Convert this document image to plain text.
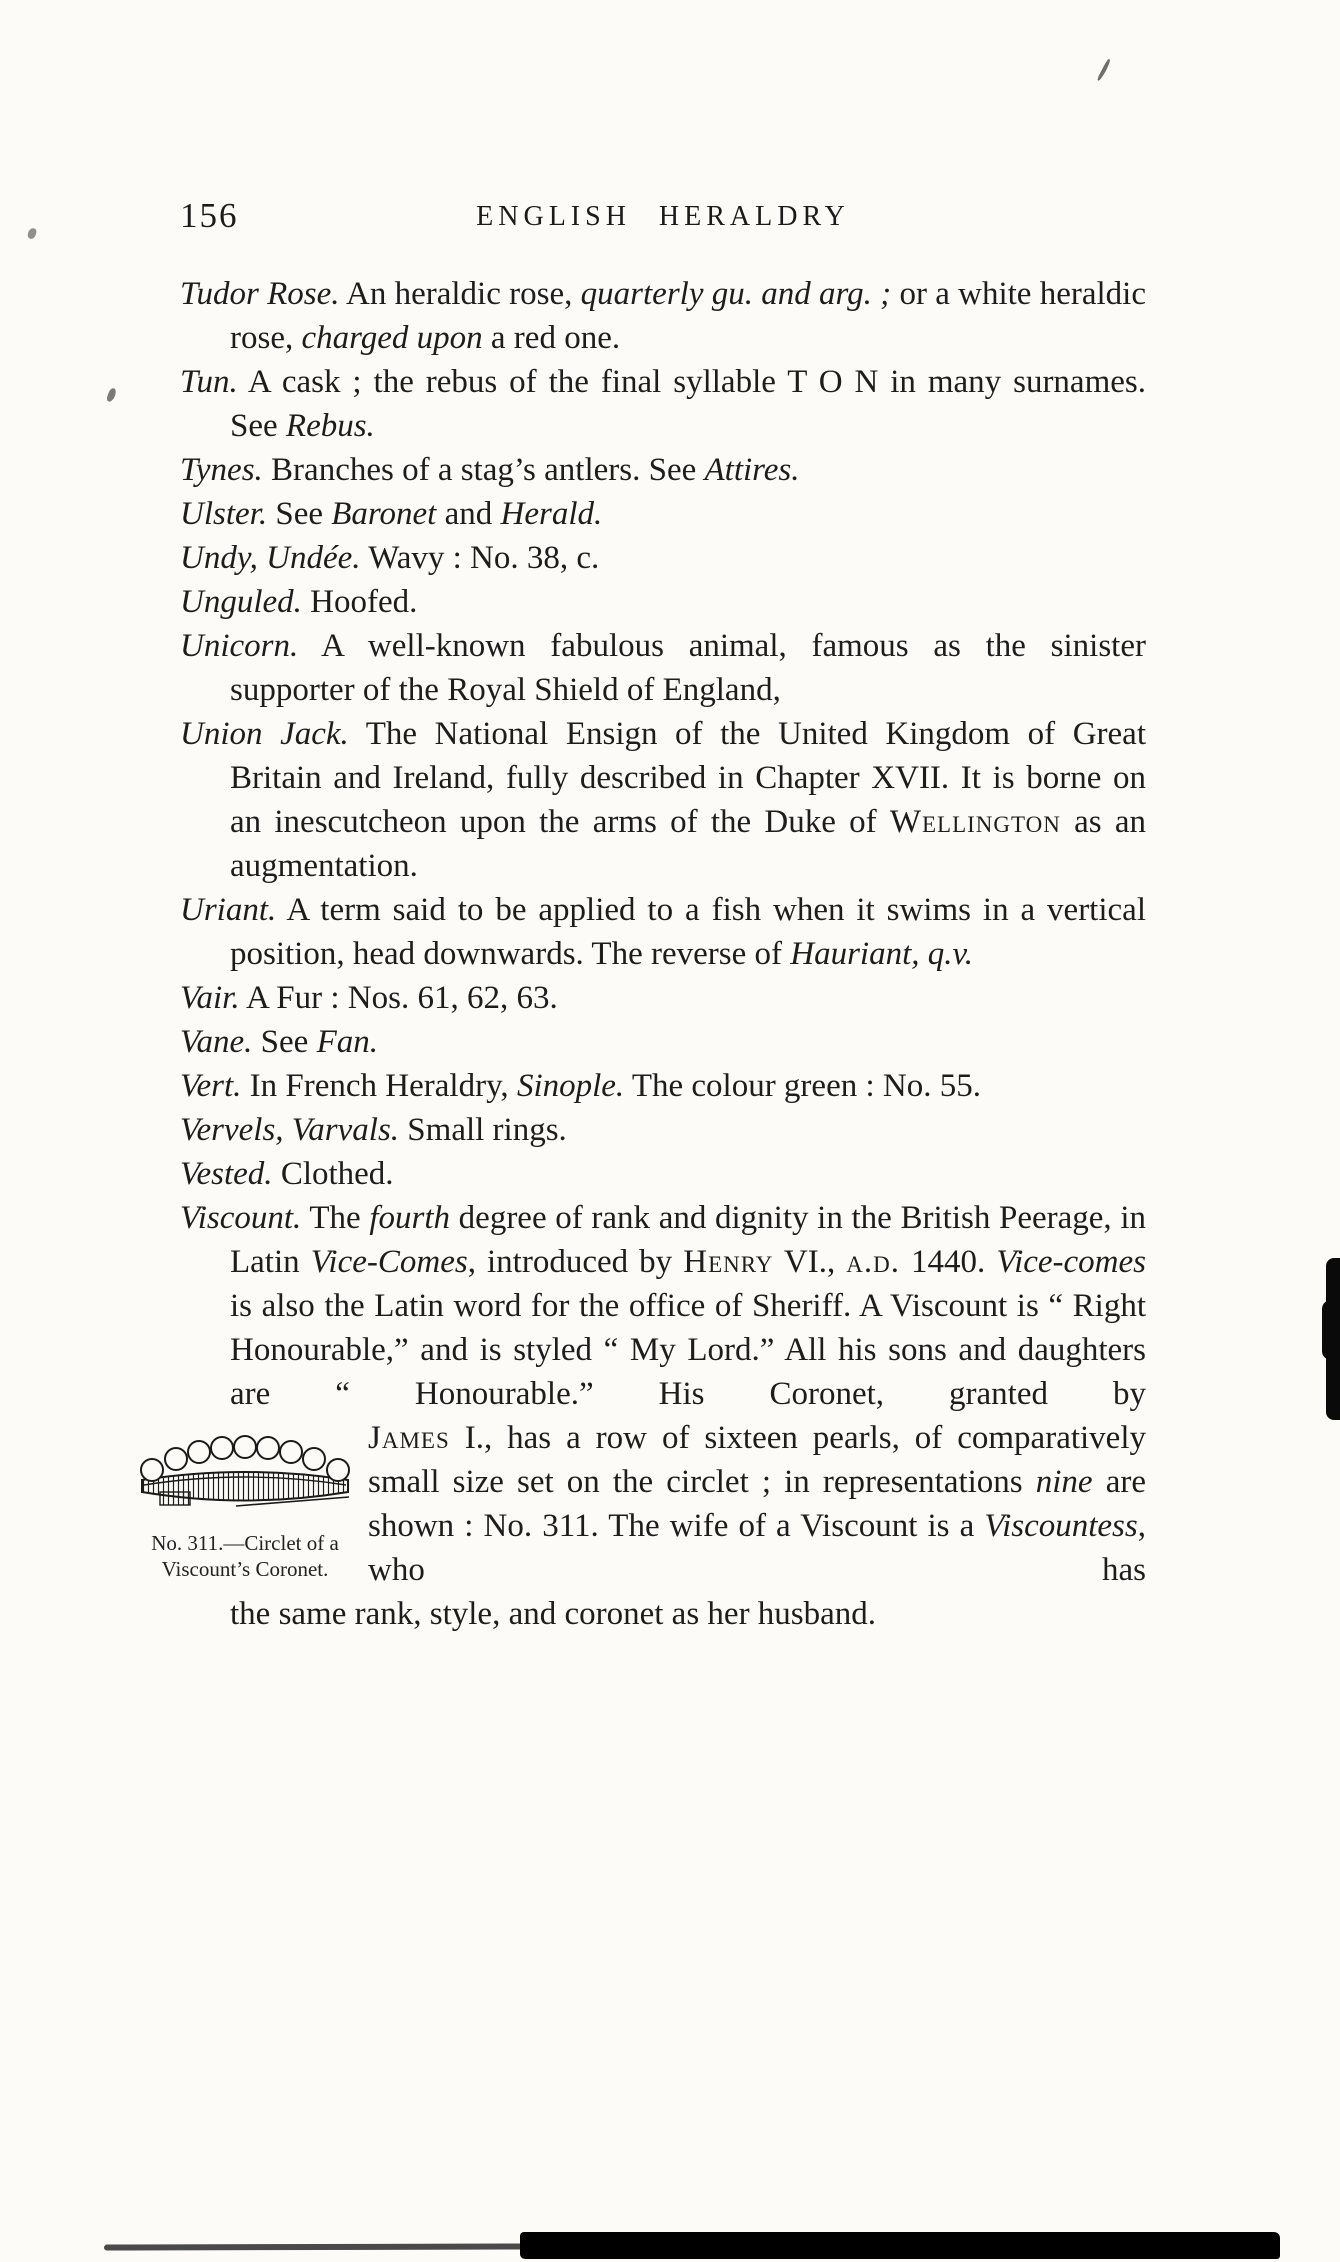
156	ENGLISH HERALDRY

Tudor Rose. An heraldic rose, quarterly gu. and arg. ; or a white heraldic rose, charged upon a red one.

Tun. A cask ; the rebus of the final syllable T O N in many surnames. See Rebus.

Tynes. Branches of a stag’s antlers. See Attires.

Ulster. See Baronet and Herald.

Undy, Undée. Wavy : No. 38, c.

Unguled. Hoofed.

Unicorn. A well-known fabulous animal, famous as the sinister supporter of the Royal Shield of England,

Union Jack. The National Ensign of the United Kingdom of Great Britain and Ireland, fully described in Chapter XVII. It is borne on an inescutcheon upon the arms of the Duke of Wellington as an augmentation.

Uriant. A term said to be applied to a fish when it swims in a vertical position, head downwards. The reverse of Hauriant, q.v.

Vair. A Fur : Nos. 61, 62, 63.

Vane. See Fan.

Vert. In French Heraldry, Sinople. The colour green : No. 55.

Vervels, Varvals. Small rings.

Vested. Clothed.

Viscount. The fourth degree of rank and dignity in the British Peerage, in Latin Vice-Comes, introduced by Henry VI., a.d. 1440. Vice-comes is also the Latin word for the office of Sheriff. A Viscount is “ Right Honourable,” and is styled “ My Lord.” All his sons and daughters are “ Honourable.” His Coronet, granted by

No. 311.—Circlet of a
Viscount’s Coronet.

James I., has a row of sixteen pearls, of comparatively small size set on the circlet ; in representations nine are shown : No. 311. The wife of a Viscount is a Viscountess, who has

the same rank, style, and coronet as her husband.
